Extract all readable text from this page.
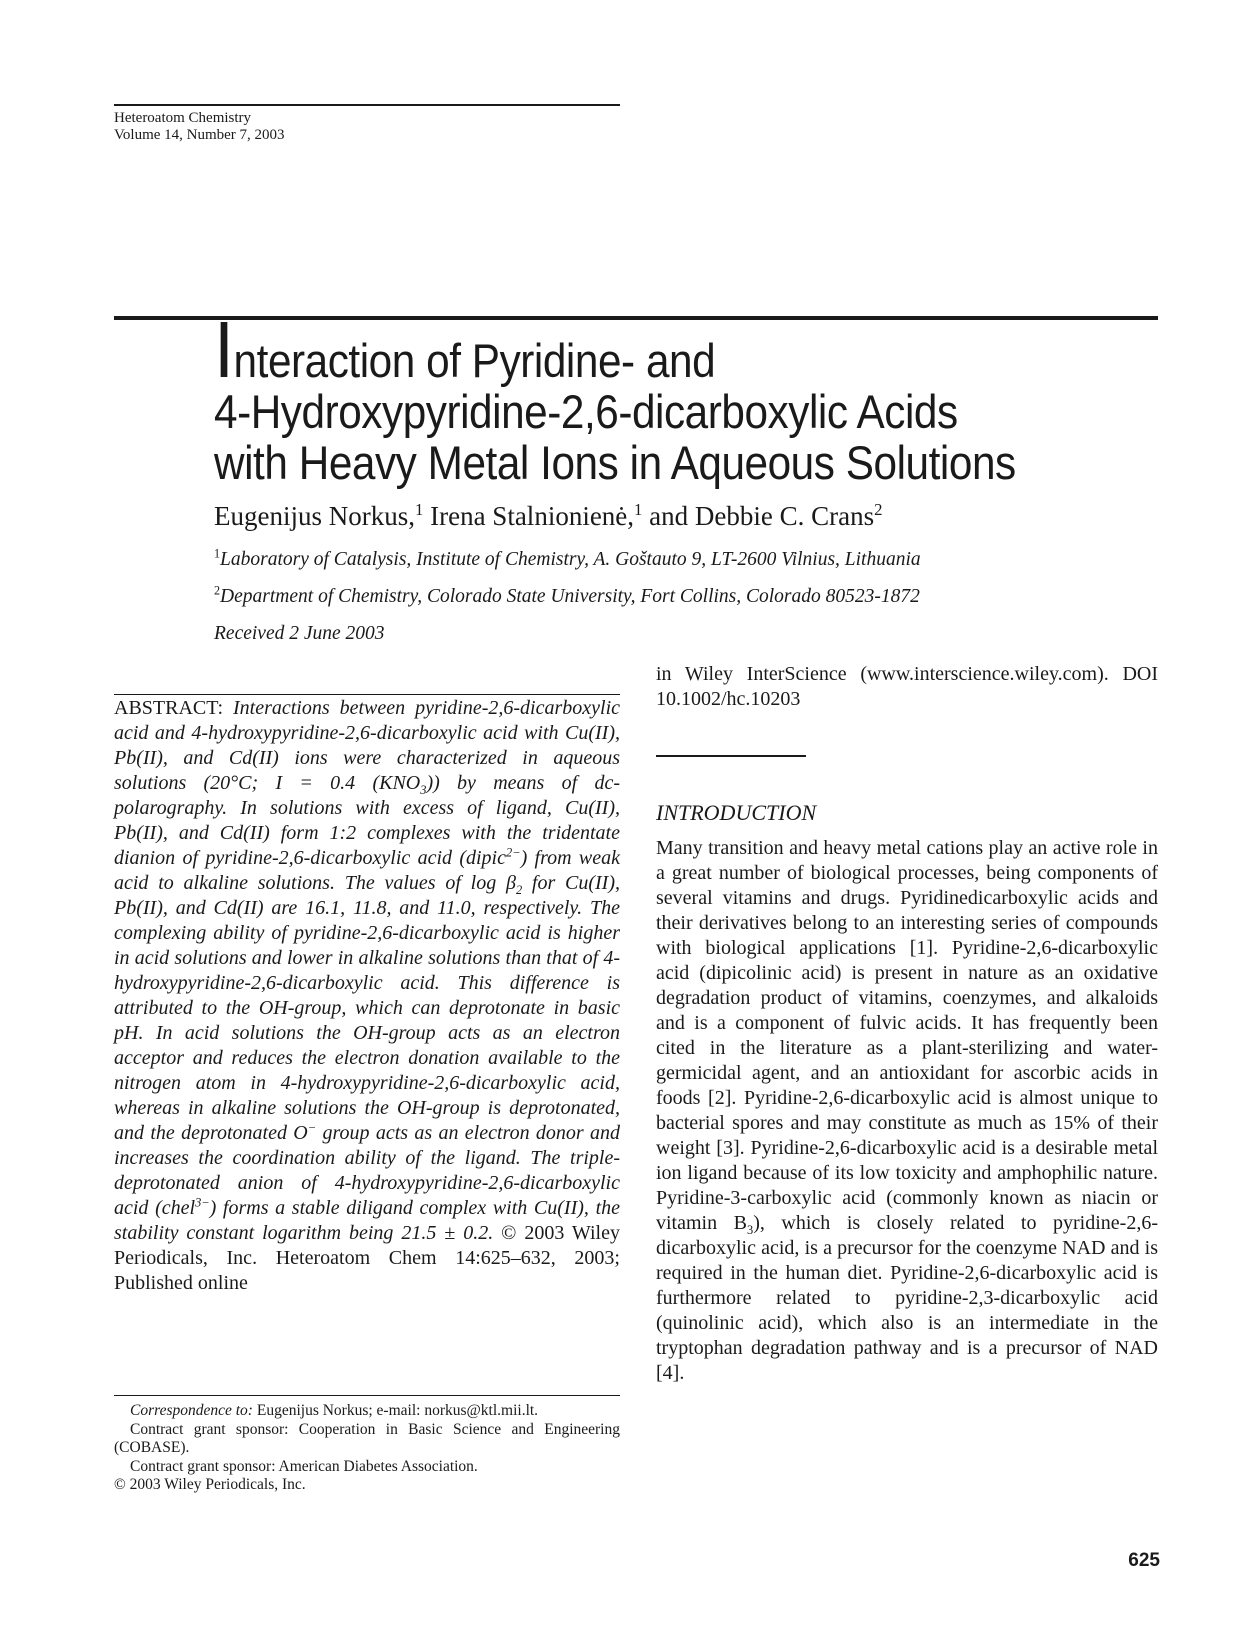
Heteroatom Chemistry
Volume 14, Number 7, 2003
Interaction of Pyridine- and
4-Hydroxypyridine-2,6-dicarboxylic Acids
with Heavy Metal Ions in Aqueous Solutions
Eugenijus Norkus,$^1$ Irena Stalnionienė,$^1$ and Debbie C. Crans$^2$
$^1$Laboratory of Catalysis, Institute of Chemistry, A. Goštauto 9, LT-2600 Vilnius, Lithuania
$^2$Department of Chemistry, Colorado State University, Fort Collins, Colorado 80523-1872
Received 2 June 2003

ABSTRACT: Interactions between pyridine-2,6-dicarboxylic acid and 4-hydroxypyridine-2,6-dicarboxylic acid with Cu(II), Pb(II), and Cd(II) ions were characterized in aqueous solutions (20°C; I = 0.4 $(KNO_3)$) by means of dc-polarography. In solutions with excess of ligand, Cu(II), Pb(II), and Cd(II) form 1:2 complexes with the tridentate dianion of pyridine-2,6-dicarboxylic acid (dipic$^{2-}$) from weak acid to alkaline solutions. The values of $\log \beta_2$ for Cu(II), Pb(II), and Cd(II) are 16.1, 11.8, and 11.0, respectively. The complexing ability of pyridine-2,6-dicarboxylic acid is higher in acid solutions and lower in alkaline solutions than that of 4-hydroxypyridine-2,6-dicarboxylic acid. This difference is attributed to the OH-group, which can deprotonate in basic pH. In acid solutions the OH-group acts as an electron acceptor and reduces the electron donation available to the nitrogen atom in 4-hydroxypyridine-2,6-dicarboxylic acid, whereas in alkaline solutions the OH-group is deprotonated, and the deprotonated O− group acts as an electron donor and increases the coordination ability of the ligand. The triple-deprotonated anion of 4-hydroxypyridine-2,6-dicarboxylic acid (chel$^{3-}$) forms a stable diligand complex with Cu(II), the stability constant logarithm being 21.5 ± 0.2. © 2003 Wiley Periodicals, Inc. Heteroatom Chem 14:625–632, 2003; Published online

in Wiley InterScience (www.interscience.wiley.com). DOI 10.1002/hc.10203
INTRODUCTION

Many transition and heavy metal cations play an active role in a great number of biological processes, being components of several vitamins and drugs. Pyridinedicarboxylic acids and their derivatives belong to an interesting series of compounds with biological applications [1]. Pyridine-2,6-dicarboxylic acid (dipicolinic acid) is present in nature as an oxidative degradation product of vitamins, coenzymes, and alkaloids and is a component of fulvic acids. It has frequently been cited in the literature as a plant-sterilizing and water-germicidal agent, and an antioxidant for ascorbic acids in foods [2]. Pyridine-2,6-dicarboxylic acid is almost unique to bacterial spores and may constitute as much as 15% of their weight [3]. Pyridine-2,6-dicarboxylic acid is a desirable metal ion ligand because of its low toxicity and amphophilic nature. Pyridine-3-carboxylic acid (commonly known as niacin or vitamin $B_3$), which is closely related to pyridine-2,6-dicarboxylic acid, is a precursor for the coenzyme NAD and is required in the human diet. Pyridine-2,6-dicarboxylic acid is furthermore related to pyridine-2,3-dicarboxylic acid (quinolinic acid), which also is an intermediate in the tryptophan degradation pathway and is a precursor of NAD [4].

Correspondence to: Eugenijus Norkus; e-mail: norkus@ktl.mii.lt.

Contract grant sponsor: Cooperation in Basic Science and Engineering (COBASE).

Contract grant sponsor: American Diabetes Association.

© 2003 Wiley Periodicals, Inc.

625
